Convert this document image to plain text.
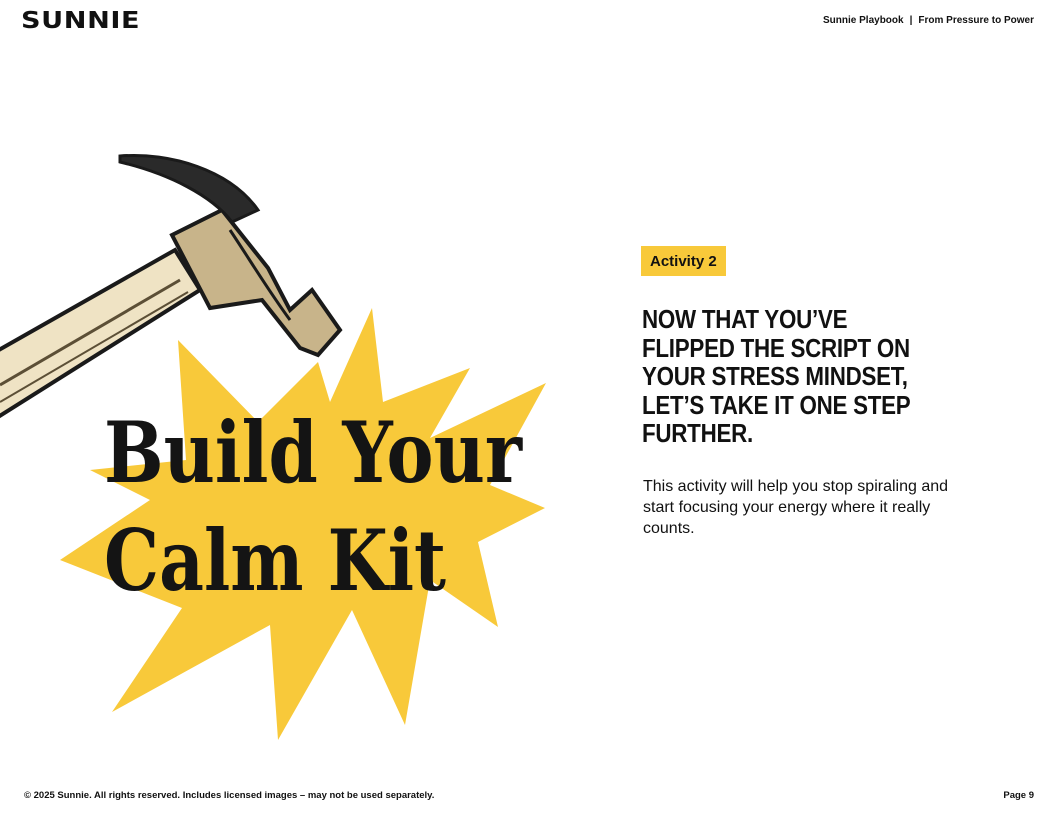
SUNNIE	Sunnie Playbook | From Pressure to Power
Build Your
Calm Kit
Activity 2
NOW THAT YOU’VE FLIPPED THE SCRIPT ON YOUR STRESS MINDSET, LET’S TAKE IT ONE STEP FURTHER.

This activity will help you stop spiraling and start focusing your energy where it really counts.

© 2025 Sunnie. All rights reserved. Includes licensed images – may not be used separately.	Page 9
